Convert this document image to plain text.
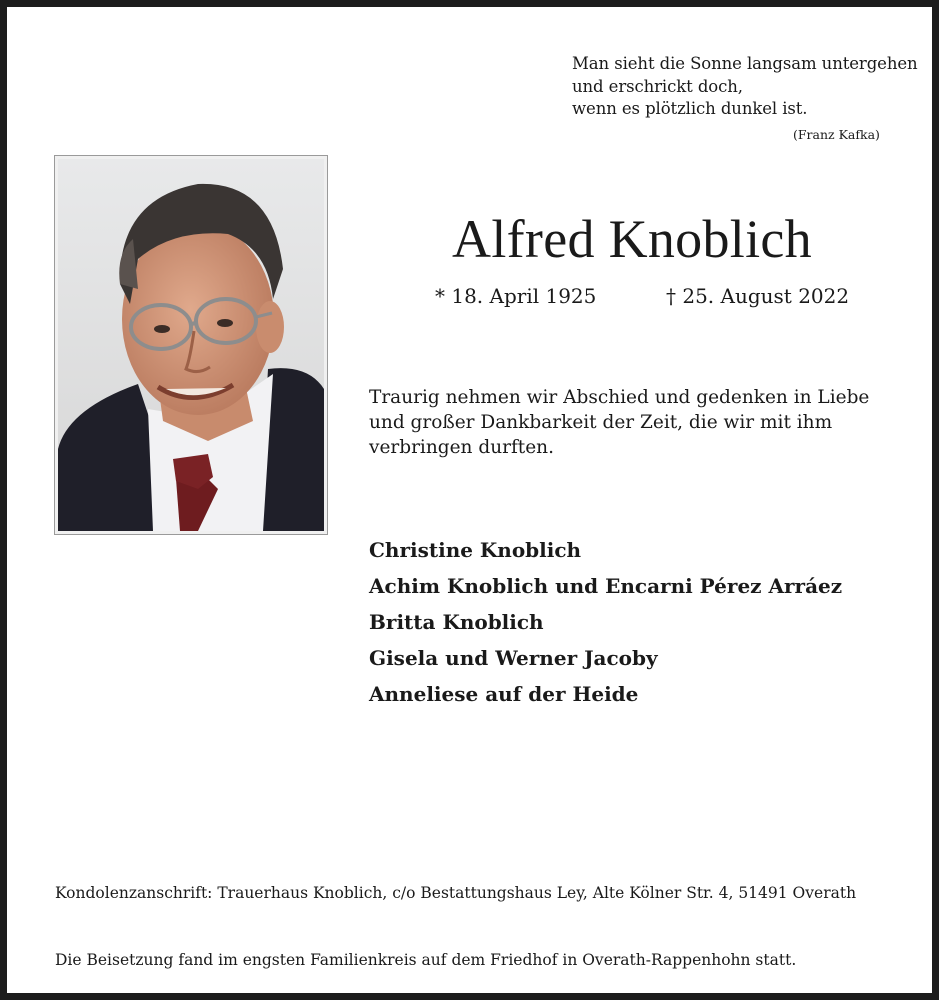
Man sieht die Sonne langsam untergehen
und erschrickt doch,
wenn es plötzlich dunkel ist.
(Franz Kafka)
Alfred Knoblich
* 18. April 1925	† 25. August 2022
Traurig nehmen wir Abschied und gedenken in Liebe
und großer Dankbarkeit der Zeit, die wir mit ihm
verbringen durften.
Christine Knoblich
Achim Knoblich und Encarni Pérez Arráez
Britta Knoblich
Gisela und Werner Jacoby
Anneliese auf der Heide
Kondolenzanschrift: Trauerhaus Knoblich, c/o Bestattungshaus Ley, Alte Kölner Str. 4, 51491 Overath
Die Beisetzung fand im engsten Familienkreis auf dem Friedhof in Overath-Rappenhohn statt.
